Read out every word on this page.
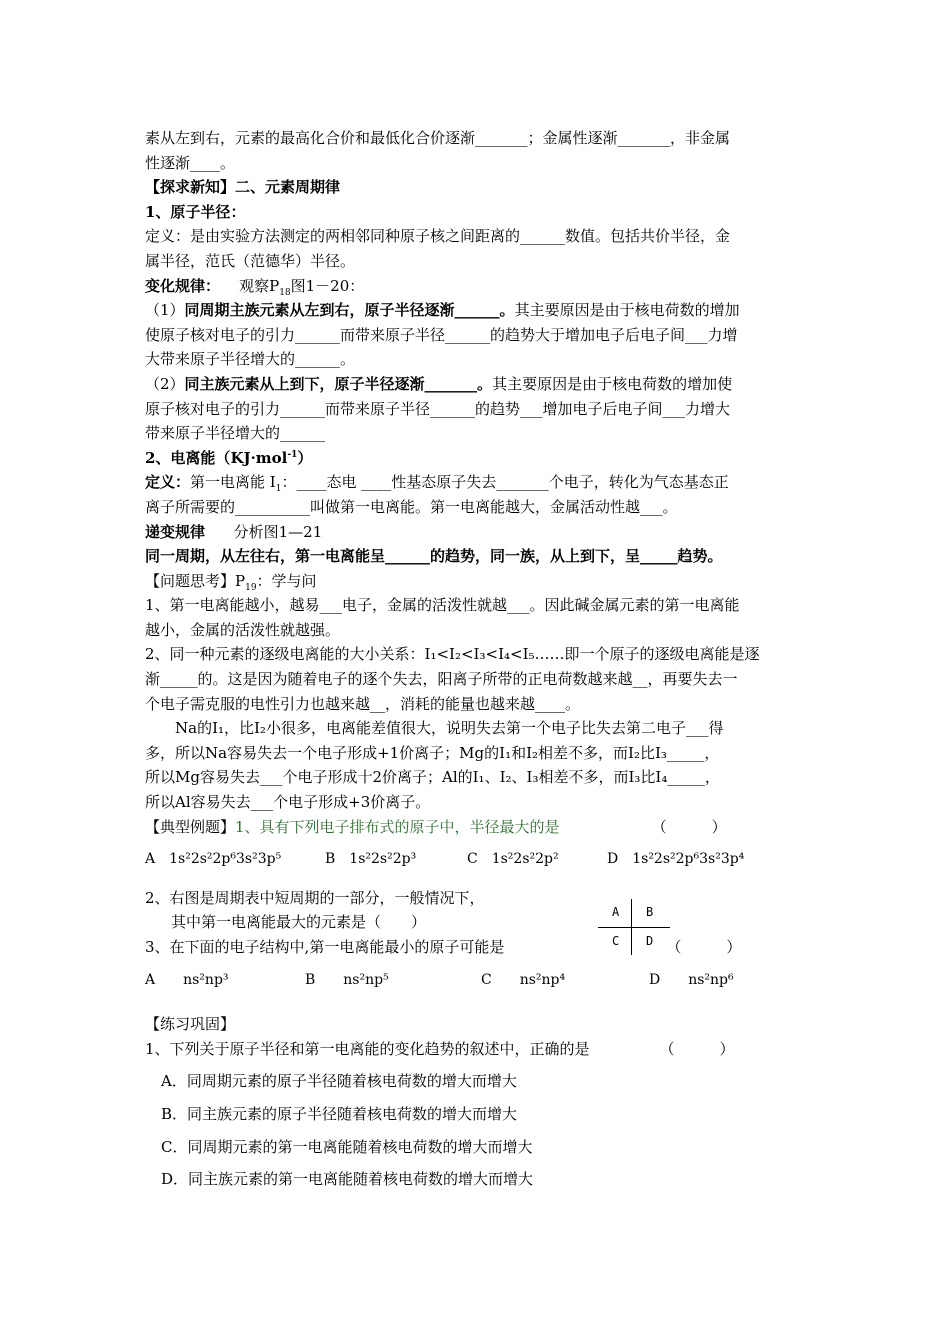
素从左到右，元素的最高化合价和最低化合价逐渐_______；金属性逐渐_______，非金属

性逐渐____。

【探求新知】二、元素周期律

1、原子半径：

定义：是由实验方法测定的两相邻同种原子核之间距离的______数值。包括共价半径，金

属半径，范氏（范德华）半径。

变化规律： 观察$P_{18}$图1－20：

（1）同周期主族元素从左到右，原子半径逐渐______。其主要原因是由于核电荷数的增加

使原子核对电子的引力______而带来原子半径______的趋势大于增加电子后电子间___力增

大带来原子半径增大的______。

（2）同主族元素从上到下，原子半径逐渐_______。其主要原因是由于核电荷数的增加使

原子核对电子的引力______而带来原子半径______的趋势___增加电子后电子间___力增大

带来原子半径增大的______

2、电离能（KJ·mol$^{-1}$）

定义：第一电离能 $I_1$：____态电 ____性基态原子失去_______个电子，转化为气态基态正

离子所需要的__________叫做第一电离能。第一电离能越大，金属活动性越___。

递变规律 分析图1—21

同一周期，从左往右，第一电离能呈______的趋势，同一族，从上到下，呈_____趋势。

【问题思考】$P_{19}$：学与问

1、第一电离能越小，越易___电子，金属的活泼性就越___。因此碱金属元素的第一电离能

越小，金属的活泼性就越强。

2、同一种元素的逐级电离能的大小关系：I₁<I₂<I₃<I₄<I₅……即一个原子的逐级电离能是逐

渐_____的。这是因为随着电子的逐个失去，阳离子所带的正电荷数越来越__，再要失去一

个电子需克服的电性引力也越来越__，消耗的能量也越来越____。

Na的I₁，比I₂小很多，电离能差值很大，说明失去第一个电子比失去第二电子___得

多，所以Na容易失去一个电子形成+1价离子；Mg的I₁和I₂相差不多，而I₂比I₃_____，

所以Mg容易失去___个电子形成十2价离子；Al的I₁、I₂、I₃相差不多，而I₃比I₄_____，

所以Al容易失去___个电子形成+3价离子。

【典型例题】1、具有下列电子排布式的原子中，半径最大的是	（　　　）

A　1s²2s²2p⁶3s²3p⁵	B　1s²2s²2p³	C　1s²2s²2p²	D　1s²2s²2p⁶3s²3p⁴

2、右图是周期表中短周期的一部分，一般情况下，

其中第一电离能最大的元素是（　　）

3、在下面的电子结构中,第一电离能最小的原子可能是	（　　　）

A　　ns²np³	B　　ns²np⁵	C　　ns²np⁴	D　　ns²np⁶

【练习巩固】

1、下列关于原子半径和第一电离能的变化趋势的叙述中，正确的是	（　　　）

A．同周期元素的原子半径随着核电荷数的增大而增大

B．同主族元素的原子半径随着核电荷数的增大而增大

C．同周期元素的第一电离能随着核电荷数的增大而增大

D．同主族元素的第一电离能随着核电荷数的增大而增大

A B
C D
